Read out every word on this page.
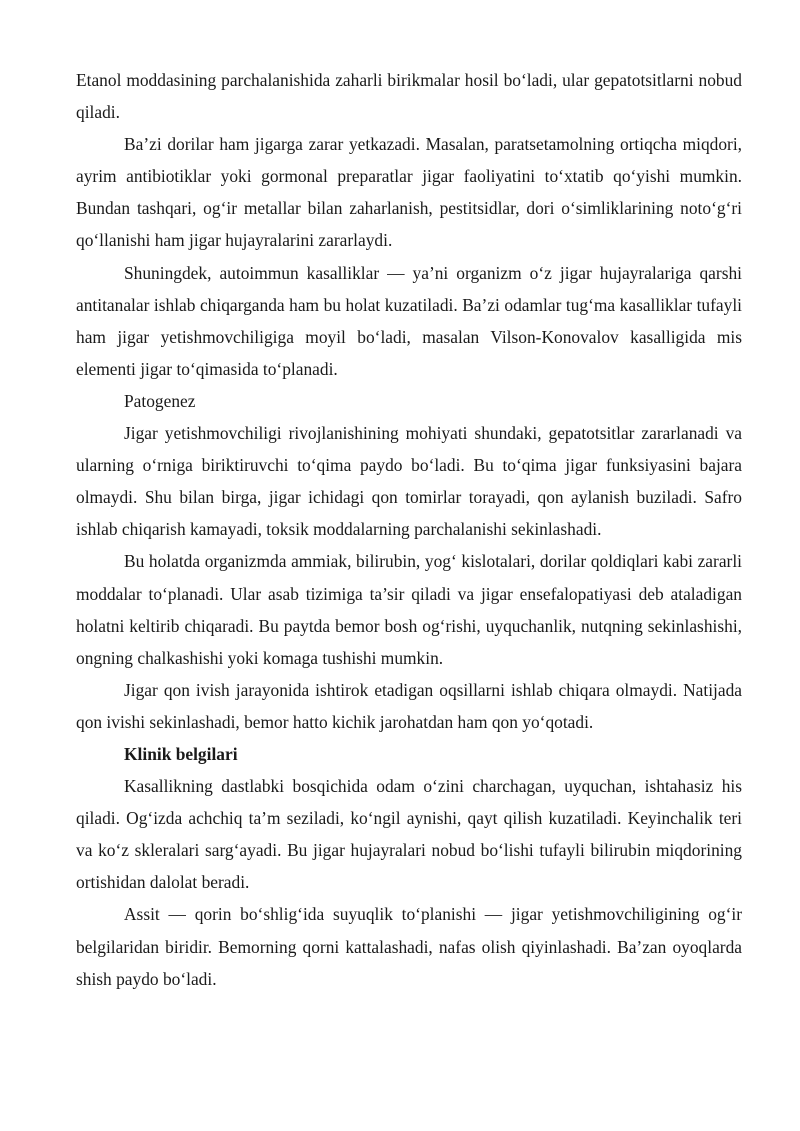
Etanol moddasining parchalanishida zaharli birikmalar hosil bo‘ladi, ular gepatotsitlarni nobud qiladi.

Ba’zi dorilar ham jigarga zarar yetkazadi. Masalan, paratsetamolning ortiqcha miqdori, ayrim antibiotiklar yoki gormonal preparatlar jigar faoliyatini to‘xtatib qo‘yishi mumkin. Bundan tashqari, og‘ir metallar bilan zaharlanish, pestitsidlar, dori o‘simliklarining noto‘g‘ri qo‘llanishi ham jigar hujayralarini zararlaydi.

Shuningdek, autoimmun kasalliklar — ya’ni organizm o‘z jigar hujayralariga qarshi antitanalar ishlab chiqarganda ham bu holat kuzatiladi. Ba’zi odamlar tug‘ma kasalliklar tufayli ham jigar yetishmovchiligiga moyil bo‘ladi, masalan Vilson-Konovalov kasalligida mis elementi jigar to‘qimasida to‘planadi.

Patogenez

Jigar yetishmovchiligi rivojlanishining mohiyati shundaki, gepatotsitlar zararlanadi va ularning o‘rniga biriktiruvchi to‘qima paydo bo‘ladi. Bu to‘qima jigar funksiyasini bajara olmaydi. Shu bilan birga, jigar ichidagi qon tomirlar torayadi, qon aylanish buziladi. Safro ishlab chiqarish kamayadi, toksik moddalarning parchalanishi sekinlashadi.

Bu holatda organizmda ammiak, bilirubin, yog‘ kislotalari, dorilar qoldiqlari kabi zararli moddalar to‘planadi. Ular asab tizimiga ta’sir qiladi va jigar ensefalopatiyasi deb ataladigan holatni keltirib chiqaradi. Bu paytda bemor bosh og‘rishi, uyquchanlik, nutqning sekinlashishi, ongning chalkashishi yoki komaga tushishi mumkin.

Jigar qon ivish jarayonida ishtirok etadigan oqsillarni ishlab chiqara olmaydi. Natijada qon ivishi sekinlashadi, bemor hatto kichik jarohatdan ham qon yo‘qotadi.

Klinik belgilari

Kasallikning dastlabki bosqichida odam o‘zini charchagan, uyquchan, ishtahasiz his qiladi. Og‘izda achchiq ta’m seziladi, ko‘ngil aynishi, qayt qilish kuzatiladi. Keyinchalik teri va ko‘z skleralari sarg‘ayadi. Bu jigar hujayralari nobud bo‘lishi tufayli bilirubin miqdorining ortishidan dalolat beradi.

Assit — qorin bo‘shlig‘ida suyuqlik to‘planishi — jigar yetishmovchiligining og‘ir belgilaridan biridir. Bemorning qorni kattalashadi, nafas olish qiyinlashadi. Ba’zan oyoqlarda shish paydo bo‘ladi.
